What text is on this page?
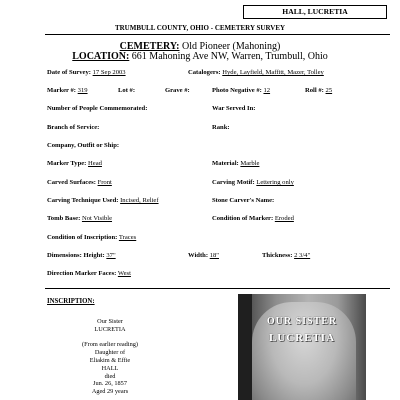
HALL, LUCRETIA
TRUMBULL COUNTY, OHIO - CEMETERY SURVEY
CEMETERY: Old Pioneer (Mahoning)
LOCATION: 661 Mahoning Ave NW, Warren, Trumbull, Ohio
Date of Survey: 17 Sep 2003	Catalogers: Hyde, Layfield, Maffitt, Mazer, Tolley
Marker #: 319	Lot #:	Grave #:	Photo Negative #: 12	Roll #: 25
Number of People Commemorated:	War Served In:
Branch of Service:	Rank:
Company, Outfit or Ship:
Marker Type: Head	Material: Marble
Carved Surfaces: Front	Carving Motif: Lettering only
Carving Technique Used: Incised, Relief	Stone Carver's Name:
Tomb Base: Not Visible	Condition of Marker: Eroded
Condition of Inscription: Traces
Dimensions: Height: 37"	Width: 18"	Thickness: 2 3/4"
Direction Marker Faces: West
INSCRIPTION:
Our Sister
LUCRETIA
(From earlier reading)
Daughter of
Eliakim & Effie
HALL
died
Jun. 26, 1857
Aged 29 years
OUR SISTER
LUCRETIA
